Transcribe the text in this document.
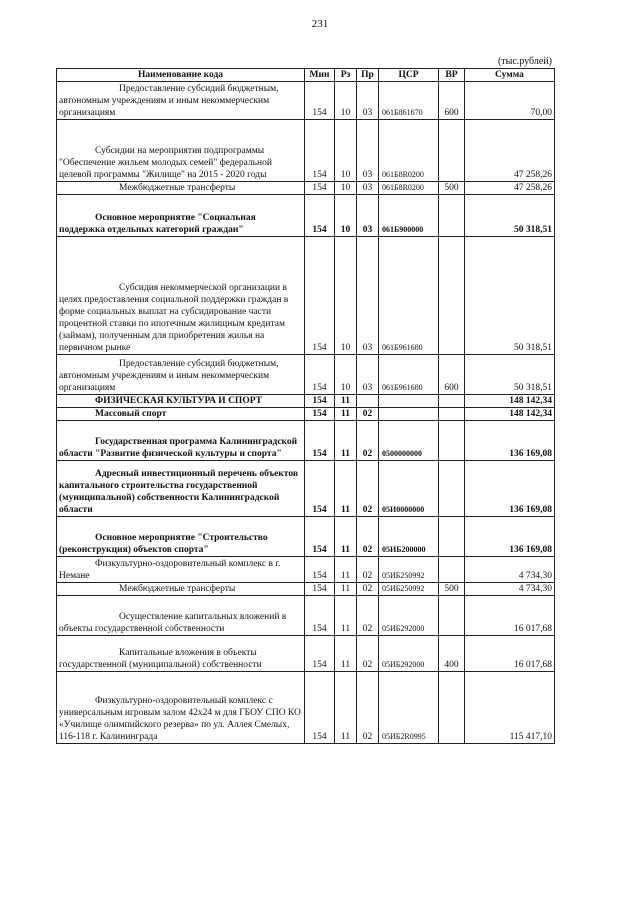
231
(тыс.рублей)
Наименование кода	Мин	Рз	Пр	ЦСР	ВР	Сумма

Предоставление субсидий бюджетным, автономным учреждениям и иным некоммерческим организациям	154	10	03	061Б861670	600	70,00

Субсидии на мероприятия подпрограммы "Обеспечение жильем молодых семей" федеральной целевой программы "Жилище" на 2015 - 2020 годы	154	10	03	061Б8R0200		47 258,26

Межбюджетные трансферты	154	10	03	061Б8R0200	500	47 258,26

Основное мероприятие "Социальная поддержка отдельных категорий граждан"	154	10	03	061Б900000		50 318,51

Субсидия некоммерческой организации в целях предоставления социальной поддержки граждан в форме социальных выплат на субсидирование части процентной ставки по ипотечным жилищным кредитам (займам), полученным для приобретения жилья на первичном рынке	154	10	03	061Б961680		50 318,51

Предоставление субсидий бюджетным, автономным учреждениям и иным некоммерческим организациям	154	10	03	061Б961680	600	50 318,51

ФИЗИЧЕСКАЯ КУЛЬТУРА И СПОРТ	154	11				148 142,34

Массовый спорт	154	11	02			148 142,34

Государственная программа Калининградской области "Развитие физической культуры и спорта"	154	11	02	0500000000		136 169,08

Адресный инвестиционный перечень объектов капитального строительства государственной (муниципальной) собственности Калининградской области	154	11	02	05И0000000		136 169,08

Основное мероприятие "Строительство (реконструкция) объектов спорта"	154	11	02	05ИБ200000		136 169,08

Физкультурно-оздоровительный комплекс в г. Немане	154	11	02	05ИБ250992		4 734,30

Межбюджетные трансферты	154	11	02	05ИБ250992	500	4 734,30

Осуществление капитальных вложений в объекты государственной собственности	154	11	02	05ИБ292000		16 017,68

Капитальные вложения в объекты государственной (муниципальной) собственности	154	11	02	05ИБ292000	400	16 017,68

Физкультурно-оздоровительный комплекс с универсальным игровым залом 42х24 м для ГБОУ СПО КО «Училище олимпийского резерва» по ул. Аллея Смелых, 116-118 г. Калининграда	154	11	02	05ИБ2R0995		115 417,10
